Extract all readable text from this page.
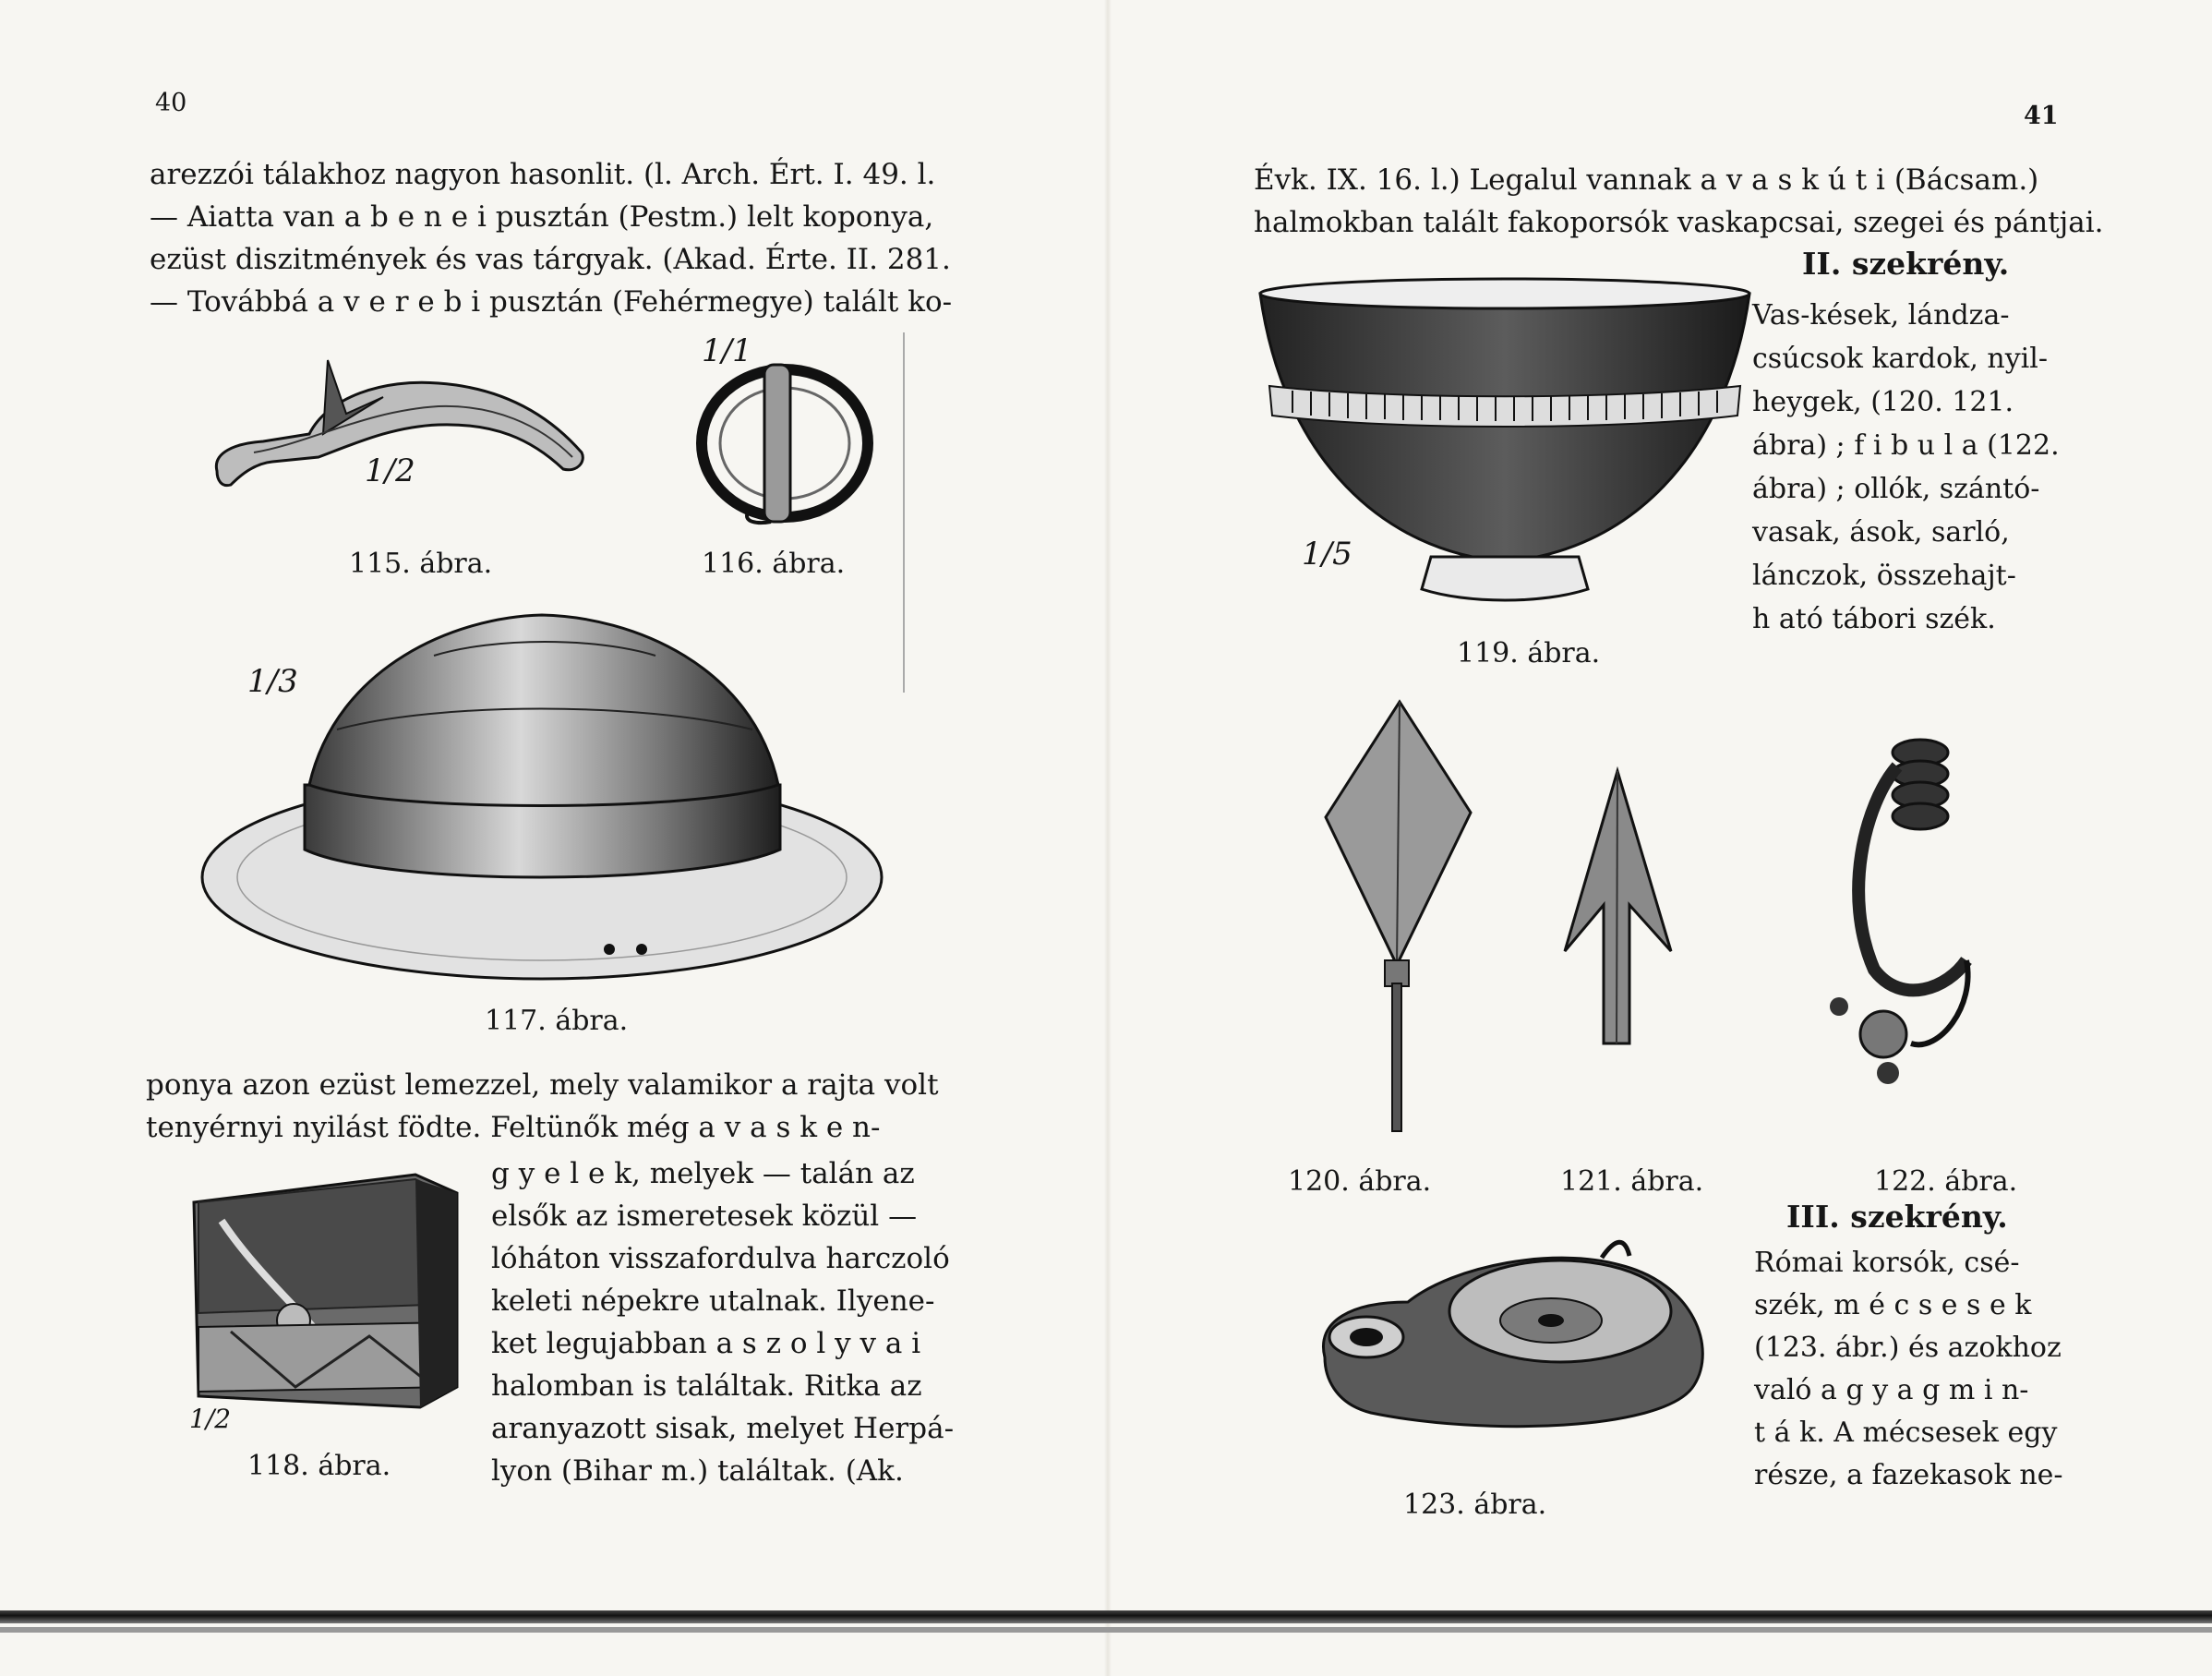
40
arezzói tálakhoz nagyon hasonlit. (l. Arch. Ért. I. 49. l.
— Aiatta van a b e n e i pusztán (Pestm.) lelt koponya,
ezüst diszitmények és vas tárgyak. (Akad. Érte. II. 281.
— Továbbá a v e r e b i pusztán (Fehérmegye) talált ko-
1/2
115. ábra.
1/1
116. ábra.
1/3
117. ábra.
ponya azon ezüst lemezzel, mely valamikor a rajta volt
tenyérnyi nyilást födte. Feltünők még a v a s k e n-
g y e l e k, melyek — talán az
elsők az ismeretesek közül —
lóháton visszafordulva harczoló
keleti népekre utalnak. Ilyene-
ket legujabban a s z o l y v a i
halomban is találtak. Ritka az
aranyazott sisak, melyet Herpá-
lyon (Bihar m.) találtak. (Ak.
1/2
118. ábra.
41
Évk. IX. 16. l.) Legalul vannak a v a s k ú t i (Bácsam.)
halmokban talált fakoporsók vaskapcsai, szegei és pántjai.
II. szekrény.
Vas-kések, lándza-
csúcsok kardok, nyil-
heygek, (120. 121.
ábra) ; f i b u l a (122.
ábra) ; ollók, szántó-
vasak, ások, sarló,
lánczok, összehajt-
h ató tábori szék.
1/5
119. ábra.
120. ábra.	121. ábra.	122. ábra.
III. szekrény.
Római korsók, csé-
szék, m é c s e s e k
(123. ábr.) és azokhoz
való a g y a g m i n-
t á k. A mécsesek egy
része, a fazekasok ne-
123. ábra.
